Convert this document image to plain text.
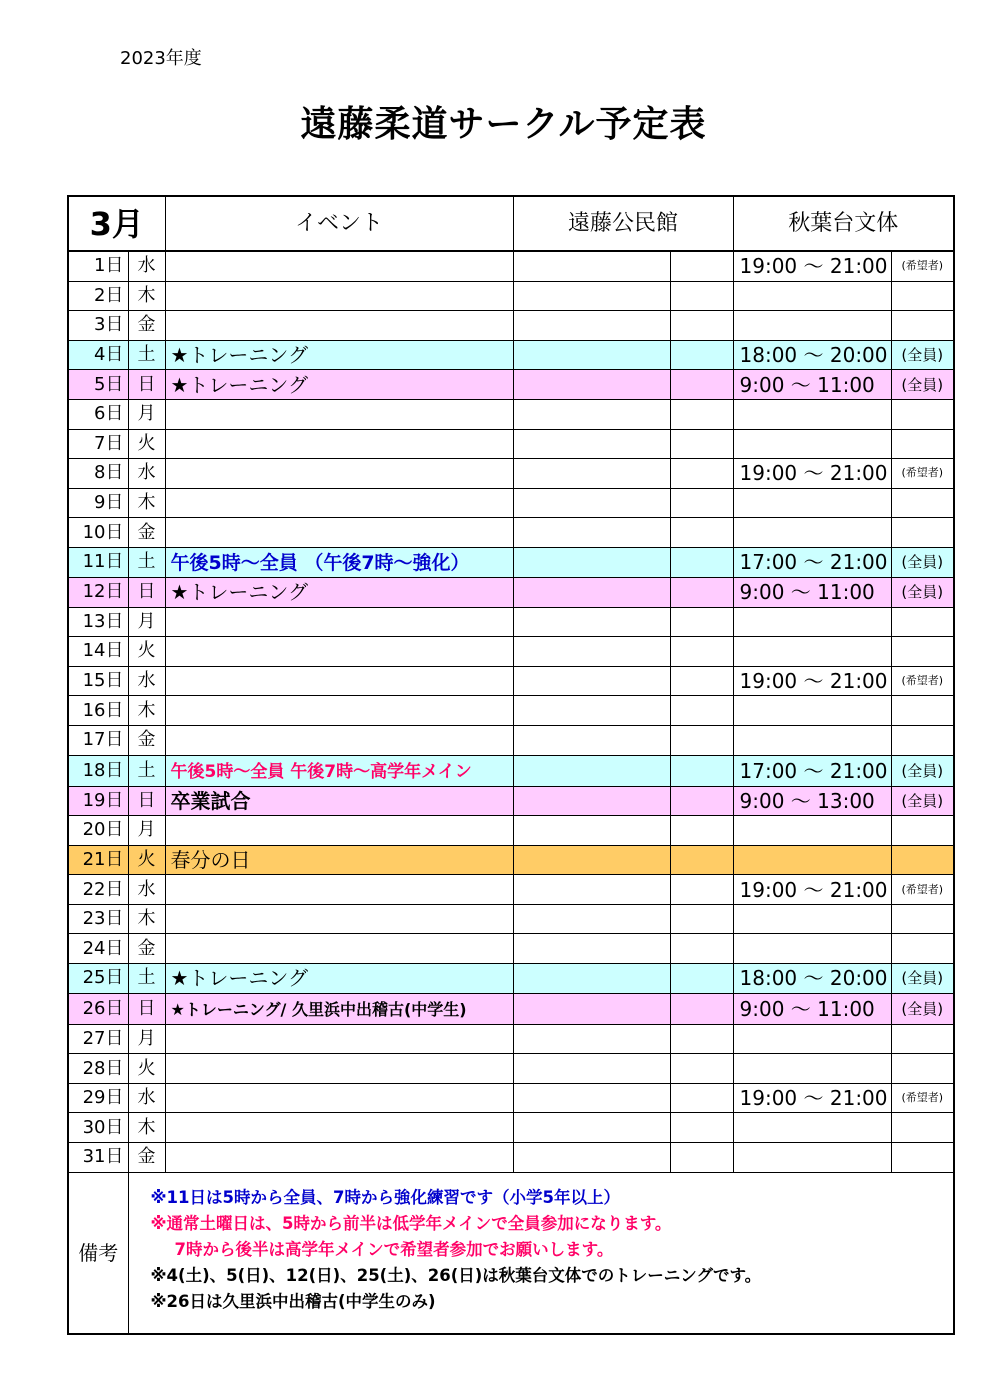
2023年度
遠藤柔道サークル予定表
3月		イベント	遠藤公民館		秋葉台文体	
1日	水				19:00 ～ 21:00	(希望者)
2日	木					
3日	金					
4日	土	★トレーニング			18:00 ～ 20:00	(全員)
5日	日	★トレーニング			9:00 ～ 11:00	(全員)
6日	月					
7日	火					
8日	水				19:00 ～ 21:00	(希望者)
9日	木					
10日	金					
11日	土	午後5時～全員 （午後7時～強化）			17:00 ～ 21:00	(全員)
12日	日	★トレーニング			9:00 ～ 11:00	(全員)
13日	月					
14日	火					
15日	水				19:00 ～ 21:00	(希望者)
16日	木					
17日	金					
18日	土	午後5時～全員 午後7時～高学年メイン			17:00 ～ 21:00	(全員)
19日	日	卒業試合			9:00 ～ 13:00	(全員)
20日	月					
21日	火	春分の日				
22日	水				19:00 ～ 21:00	(希望者)
23日	木					
24日	金					
25日	土	★トレーニング			18:00 ～ 20:00	(全員)
26日	日	★トレーニング/ 久里浜中出稽古(中学生)			9:00 ～ 11:00	(全員)
27日	月					
28日	火					
29日	水				19:00 ～ 21:00	(希望者)
30日	木					
31日	金					
備考	※11日は5時から全員、7時から強化練習です（小学5年以上）
※通常土曜日は、5時から前半は低学年メインで全員参加になります。
7時から後半は高学年メインで希望者参加でお願いします。
※4(土)、5(日)、12(日)、25(土)、26(日)は秋葉台文体でのトレーニングです。
※26日は久里浜中出稽古(中学生のみ)					
